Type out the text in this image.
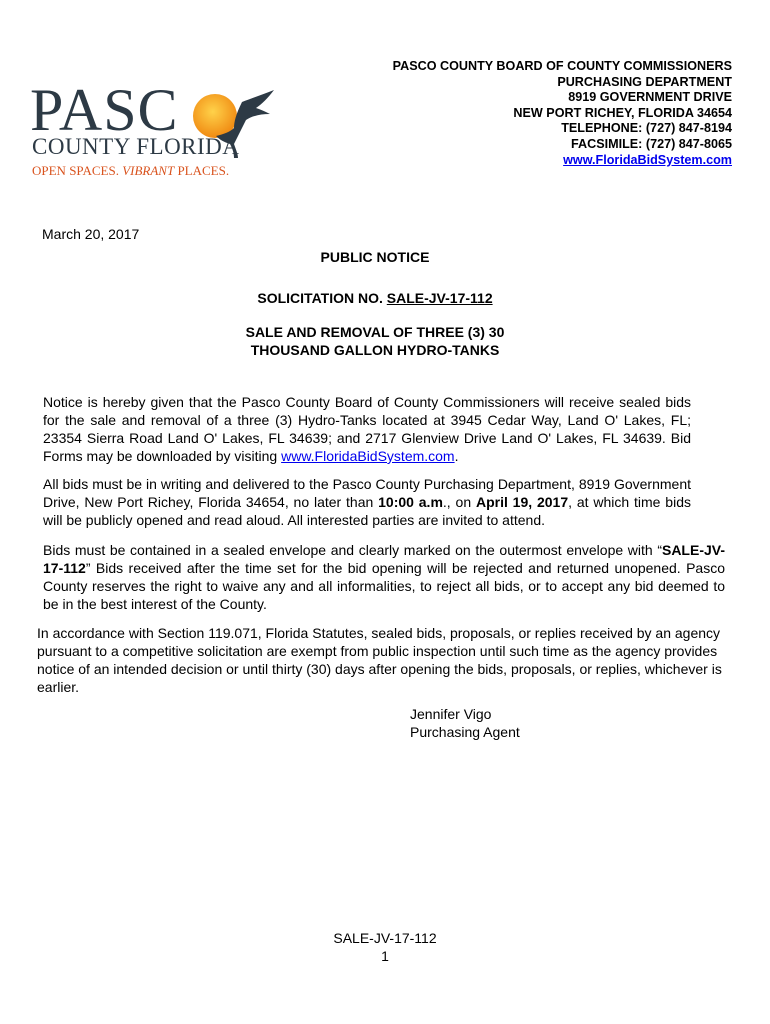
PASC
COUNTY FLORIDA
OPEN SPACES. VIBRANT PLACES.
PASCO COUNTY BOARD OF COUNTY COMMISSIONERS
PURCHASING DEPARTMENT
8919 GOVERNMENT DRIVE
NEW PORT RICHEY, FLORIDA 34654
TELEPHONE: (727) 847-8194
FACSIMILE: (727) 847-8065
www.FloridaBidSystem.com
March 20, 2017
PUBLIC NOTICE
SOLICITATION NO. SALE-JV-17-112
SALE AND REMOVAL OF THREE (3) 30
THOUSAND GALLON HYDRO-TANKS
Notice is hereby given that the Pasco County Board of County Commissioners will receive sealed bids for the sale and removal of a three (3) Hydro-Tanks located at 3945 Cedar Way, Land O' Lakes, FL; 23354 Sierra Road Land O' Lakes, FL 34639; and 2717 Glenview Drive Land O' Lakes, FL 34639. Bid Forms may be downloaded by visiting www.FloridaBidSystem.com.
All bids must be in writing and delivered to the Pasco County Purchasing Department, 8919 Government Drive, New Port Richey, Florida 34654, no later than 10:00 a.m., on April 19, 2017, at which time bids will be publicly opened and read aloud. All interested parties are invited to attend.
Bids must be contained in a sealed envelope and clearly marked on the outermost envelope with “SALE-JV-17-112” Bids received after the time set for the bid opening will be rejected and returned unopened. Pasco County reserves the right to waive any and all informalities, to reject all bids, or to accept any bid deemed to be in the best interest of the County.
In accordance with Section 119.071, Florida Statutes, sealed bids, proposals, or replies received by an agency pursuant to a competitive solicitation are exempt from public inspection until such time as the agency provides notice of an intended decision or until thirty (30) days after opening the bids, proposals, or replies, whichever is earlier.
Jennifer Vigo
Purchasing Agent
SALE-JV-17-112
1
